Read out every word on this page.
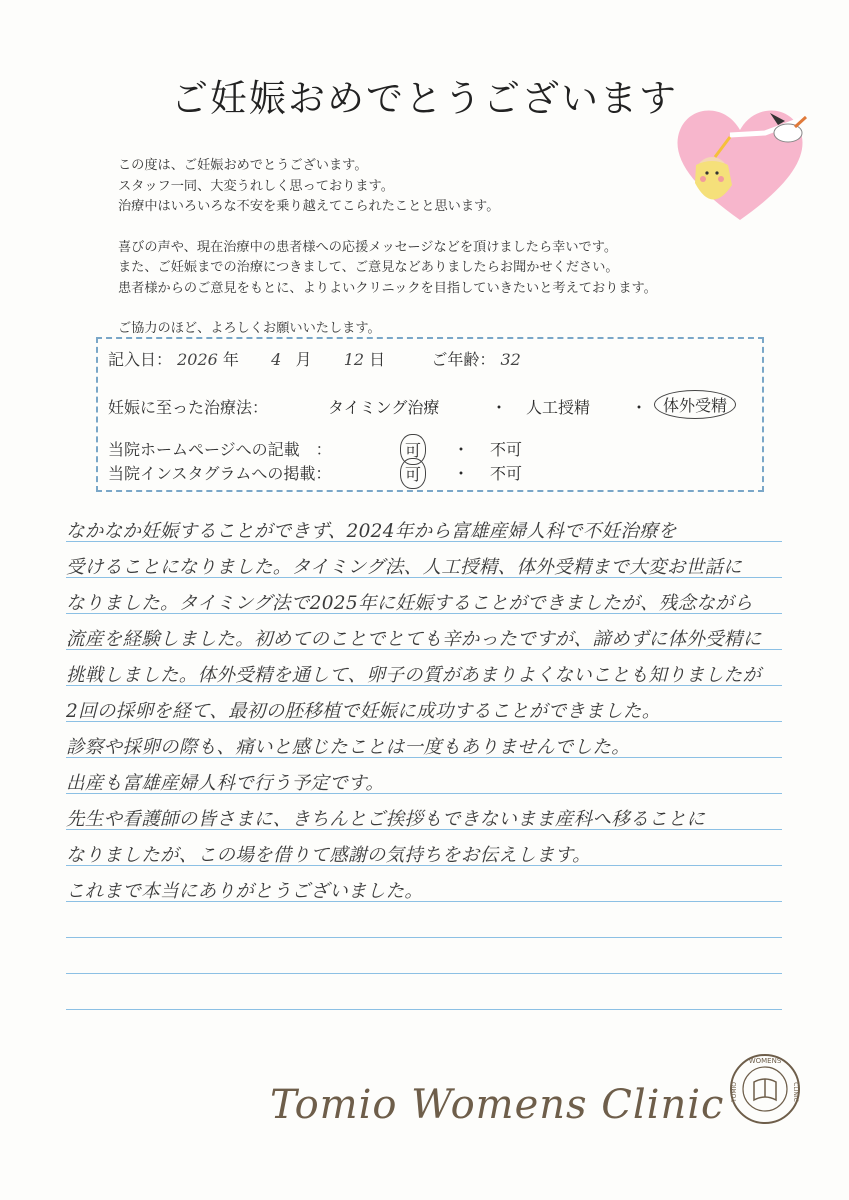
ご妊娠おめでとうございます

この度は、ご妊娠おめでとうございます。

スタッフ一同、大変うれしく思っております。

治療中はいろいろな不安を乗り越えてこられたことと思います。

喜びの声や、現在治療中の患者様への応援メッセージなどを頂けましたら幸いです。

また、ご妊娠までの治療につきまして、ご意見などありましたらお聞かせください。

患者様からのご意見をもとに、よりよいクリニックを目指していきたいと考えております。

ご協力のほど、よろしくお願いいたします。

記入日： 2026 年 4 月 12 日	ご年齢： 32
妊娠に至った治療法：	タイミング治療	・ 人工授精	・ 体外受精
当院ホームページへの記載　：	可	・ 不可
当院インスタグラムへの掲載：	可	・ 不可
なかなか妊娠することができず、2024年から富雄産婦人科で不妊治療を
受けることになりました。タイミング法、人工授精、体外受精まで大変お世話に
なりました。タイミング法で2025年に妊娠することができましたが、残念ながら
流産を経験しました。初めてのことでとても辛かったですが、諦めずに体外受精に
挑戦しました。体外受精を通して、卵子の質があまりよくないことも知りましたが
2回の採卵を経て、最初の胚移植で妊娠に成功することができました。
診察や採卵の際も、痛いと感じたことは一度もありませんでした。
出産も富雄産婦人科で行う予定です。
先生や看護師の皆さまに、きちんとご挨拶もできないまま産科へ移ることに
なりましたが、この場を借りて感謝の気持ちをお伝えします。
これまで本当にありがとうございました。
Tomio Womens Clinic
WOMENS
CLINIC
TOMIO
